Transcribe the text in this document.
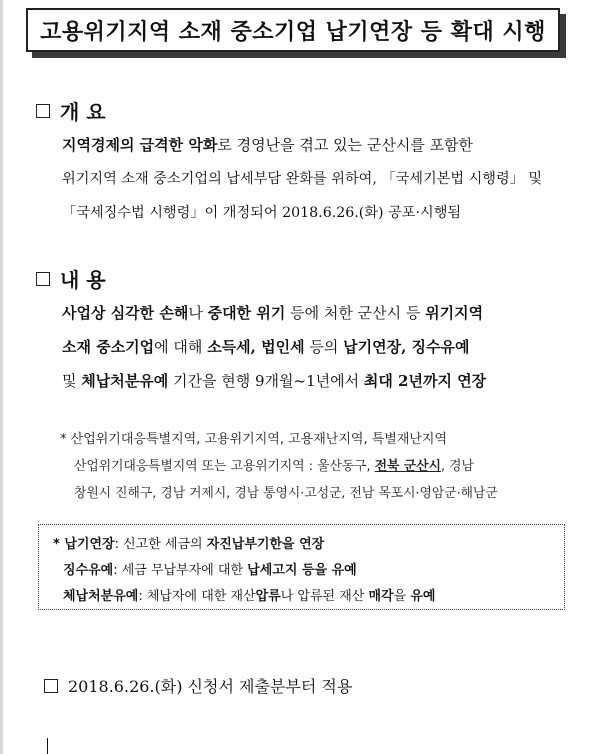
고용위기지역 소재 중소기업 납기연장 등 확대 시행
개 요
지역경제의 급격한 악화로 경영난을 겪고 있는 군산시를 포함한
위기지역 소재 중소기업의 납세부담 완화를 위하여, 「국세기본법 시행령」 및
「국세징수법 시행령」이 개정되어 2018.6.26.(화) 공포·시행됨
내 용
사업상 심각한 손해나 중대한 위기 등에 처한 군산시 등 위기지역
소재 중소기업에 대해 소득세, 법인세 등의 납기연장, 징수유예
및 체납처분유예 기간을 현행 9개월~1년에서 최대 2년까지 연장
* 산업위기대응특별지역, 고용위기지역, 고용재난지역, 특별재난지역
산업위기대응특별지역 또는 고용위기지역 : 울산동구, 전북 군산시, 경남
창원시 진해구, 경남 거제시, 경남 통영시·고성군, 전남 목포시·영암군·해남군
* 납기연장: 신고한 세금의 자진납부기한을 연장
징수유예: 세금 무납부자에 대한 납세고지 등을 유예
체납처분유예: 체납자에 대한 재산압류나 압류된 재산 매각을 유예
2018.6.26.(화) 신청서 제출분부터 적용
